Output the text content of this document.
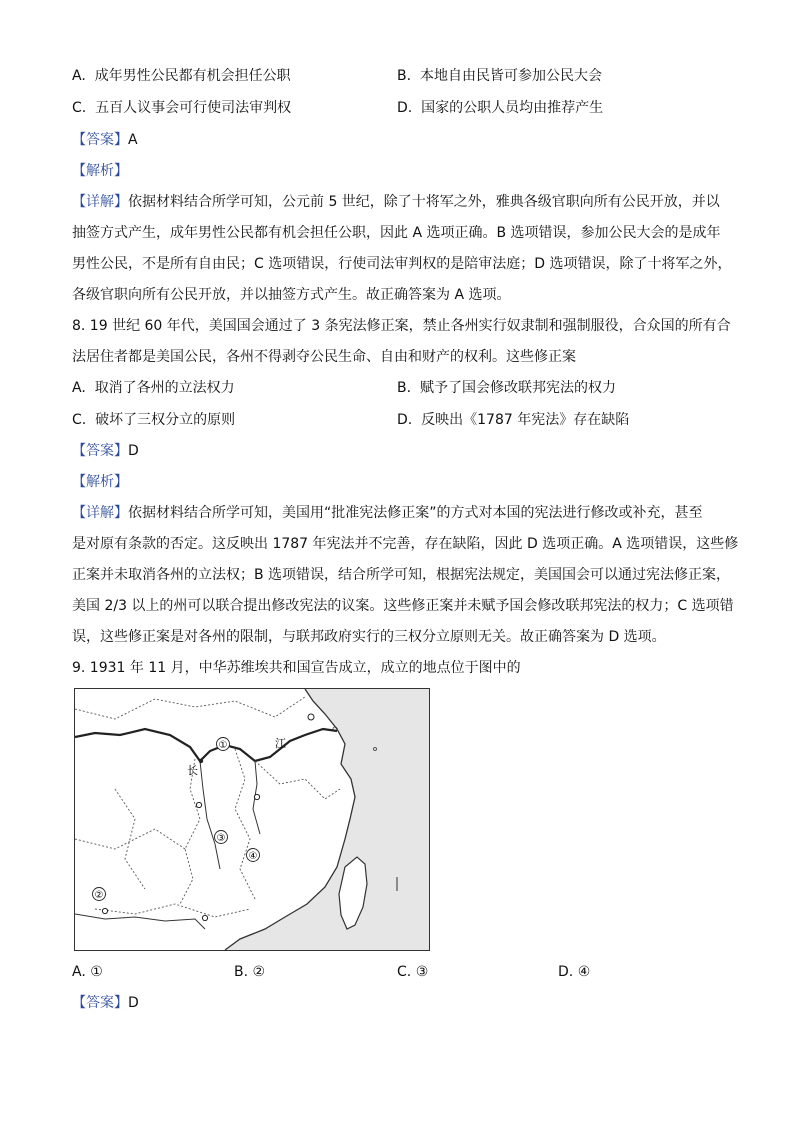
A. 成年男性公民都有机会担任公职	B. 本地自由民皆可参加公民大会
C. 五百人议事会可行使司法审判权	D. 国家的公职人员均由推荐产生
【答案】A
【解析】
【详解】依据材料结合所学可知，公元前 5 世纪，除了十将军之外，雅典各级官职向所有公民开放，并以
抽签方式产生，成年男性公民都有机会担任公职，因此 A 选项正确。B 选项错误，参加公民大会的是成年
男性公民，不是所有自由民；C 选项错误，行使司法审判权的是陪审法庭；D 选项错误，除了十将军之外，
各级官职向所有公民开放，并以抽签方式产生。故正确答案为 A 选项。
8. 19 世纪 60 年代，美国国会通过了 3 条宪法修正案，禁止各州实行奴隶制和强制服役，合众国的所有合
法居住者都是美国公民，各州不得剥夺公民生命、自由和财产的权利。这些修正案
A. 取消了各州的立法权力	B. 赋予了国会修改联邦宪法的权力
C. 破坏了三权分立的原则	D. 反映出《1787 年宪法》存在缺陷
【答案】D
【解析】
【详解】依据材料结合所学可知，美国用“批准宪法修正案”的方式对本国的宪法进行修改或补充，甚至
是对原有条款的否定。这反映出 1787 年宪法并不完善，存在缺陷，因此 D 选项正确。A 选项错误，这些修
正案并未取消各州的立法权；B 选项错误，结合所学可知，根据宪法规定，美国国会可以通过宪法修正案，
美国 2/3 以上的州可以联合提出修改宪法的议案。这些修正案并未赋予国会修改联邦宪法的权力；C 选项错
误，这些修正案是对各州的限制，与联邦政府实行的三权分立原则无关。故正确答案为 D 选项。
9. 1931 年 11 月，中华苏维埃共和国宣告成立，成立的地点位于图中的
①
②
③
④
长
江
A. ①	B. ②	C. ③	D. ④
【答案】D
